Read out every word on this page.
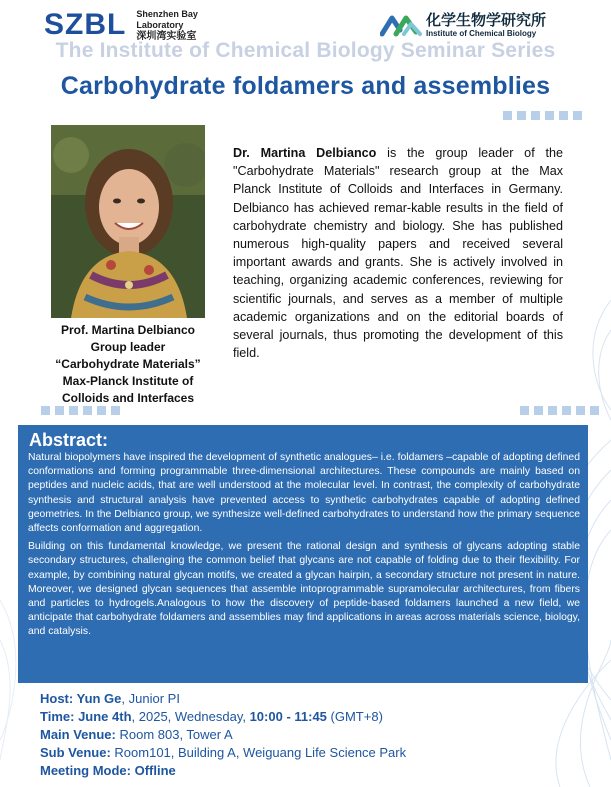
SZBL Shenzhen Bay
Laboratory
深圳湾实验室
化学生物学研究所
Institute of Chemical Biology
The Institute of Chemical Biology Seminar Series
Carbohydrate foldamers and assemblies
Prof. Martina Delbianco
Group leader
“Carbohydrate Materials”
Max-Planck Institute of
Colloids and Interfaces
Dr. Martina Delbianco is the group leader of the "Carbohydrate Materials" research group at the Max Planck Institute of Colloids and Interfaces in Germany. Delbianco has achieved remar-kable results in the field of carbohydrate chemistry and biology. She has published numerous high-quality papers and received several important awards and grants. She is actively involved in teaching, organizing academic conferences, reviewing for scientific journals, and serves as a member of multiple academic organizations and on the editorial boards of several journals, thus promoting the development of this field.
Abstract:

Natural biopolymers have inspired the development of synthetic analogues– i.e. foldamers –capable of adopting defined conformations and forming programmable three-dimensional architectures. These compounds are mainly based on peptides and nucleic acids, that are well understood at the molecular level. In contrast, the complexity of carbohydrate synthesis and structural analysis have prevented access to synthetic carbohydrates capable of adopting defined geometries. In the Delbianco group, we synthesize well-defined carbohydrates to understand how the primary sequence affects conformation and aggregation.

Building on this fundamental knowledge, we present the rational design and synthesis of glycans adopting stable secondary structures, challenging the common belief that glycans are not capable of folding due to their flexibility. For example, by combining natural glycan motifs, we created a glycan hairpin, a secondary structure not present in nature. Moreover, we designed glycan sequences that assemble intoprogrammable supramolecular architectures, from fibers and particles to hydrogels.Analogous to how the discovery of peptide-based foldamers launched a new field, we anticipate that carbohydrate foldamers and assemblies may find applications in areas across materials science, biology, and catalysis.

Host: Yun Ge, Junior PI
Time: June 4th, 2025, Wednesday, 10:00 - 11:45 (GMT+8)
Main Venue: Room 803, Tower A
Sub Venue: Room101, Building A, Weiguang Life Science Park
Meeting Mode: Offline
